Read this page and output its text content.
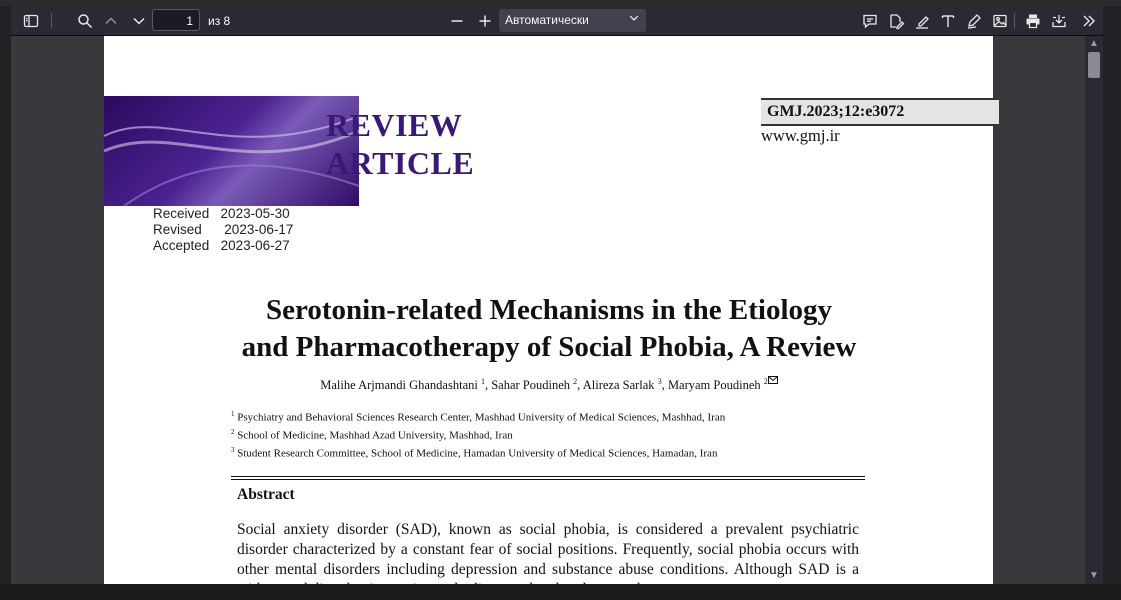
1	из 8	Автоматически
REVIEW
ARTICLE
Received 2023-05-30
Revised 2023-06-17
Accepted 2023-06-27
GMJ.2023;12:e3072
www.gmj.ir
Serotonin-related Mechanisms in the Etiology
and Pharmacotherapy of Social Phobia, A Review
Malihe Arjmandi Ghandashtani $^1$, Sahar Poudineh $^2$, Alireza Sarlak $^3$, Maryam Poudineh $^2$
$^1$ Psychiatry and Behavioral Sciences Research Center, Mashhad University of Medical Sciences, Mashhad, Iran
$^2$ School of Medicine, Mashhad Azad University, Mashhad, Iran
$^3$ Student Research Committee, School of Medicine, Hamadan University of Medical Sciences, Hamadan, Iran
Abstract
Social anxiety disorder (SAD), known as social phobia, is considered a prevalent psychiatric disorder characterized by a constant fear of social positions. Frequently, social phobia occurs with other mental disorders including depression and substance abuse conditions. Although SAD is a
▲
▼
